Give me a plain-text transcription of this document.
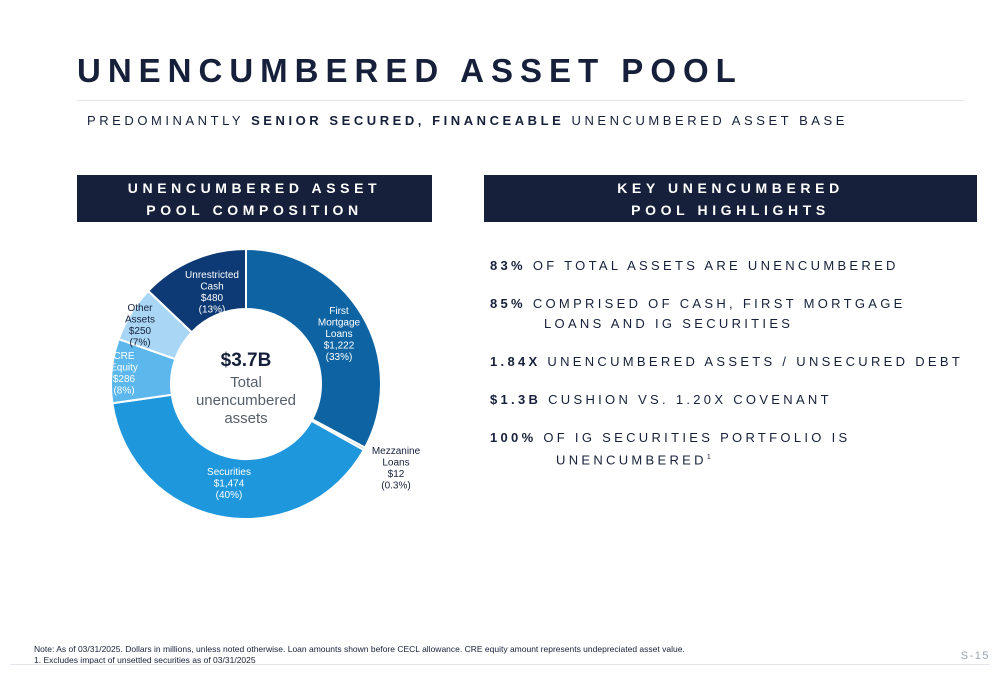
UNENCUMBERED ASSET POOL
PREDOMINANTLY SENIOR SECURED, FINANCEABLE UNENCUMBERED ASSET BASE
UNENCUMBERED ASSET
POOL COMPOSITION
KEY UNENCUMBERED
POOL HIGHLIGHTS
First Mortgage Loans $1,222 (33%)
Mezzanine Loans $12 (0.3%)
Securities $1,474 (40%)
CRE Equity $286 (8%)
Other Assets $250 (7%)
Unrestricted Cash $480 (13%)
$3.7B
Total
unencumbered
assets
83% OF TOTAL ASSETS ARE UNENCUMBERED
85% COMPRISED OF CASH, FIRST MORTGAGE
LOANS AND IG SECURITIES
1.84X UNENCUMBERED ASSETS / UNSECURED DEBT
$1.3B CUSHION VS. 1.20X COVENANT
100% OF IG SECURITIES PORTFOLIO IS
UNENCUMBERED$^1$
Note: As of 03/31/2025. Dollars in millions, unless noted otherwise. Loan amounts shown before CECL allowance. CRE equity amount represents undepreciated asset value.
1. Excludes impact of unsettled securities as of 03/31/2025	S-15
